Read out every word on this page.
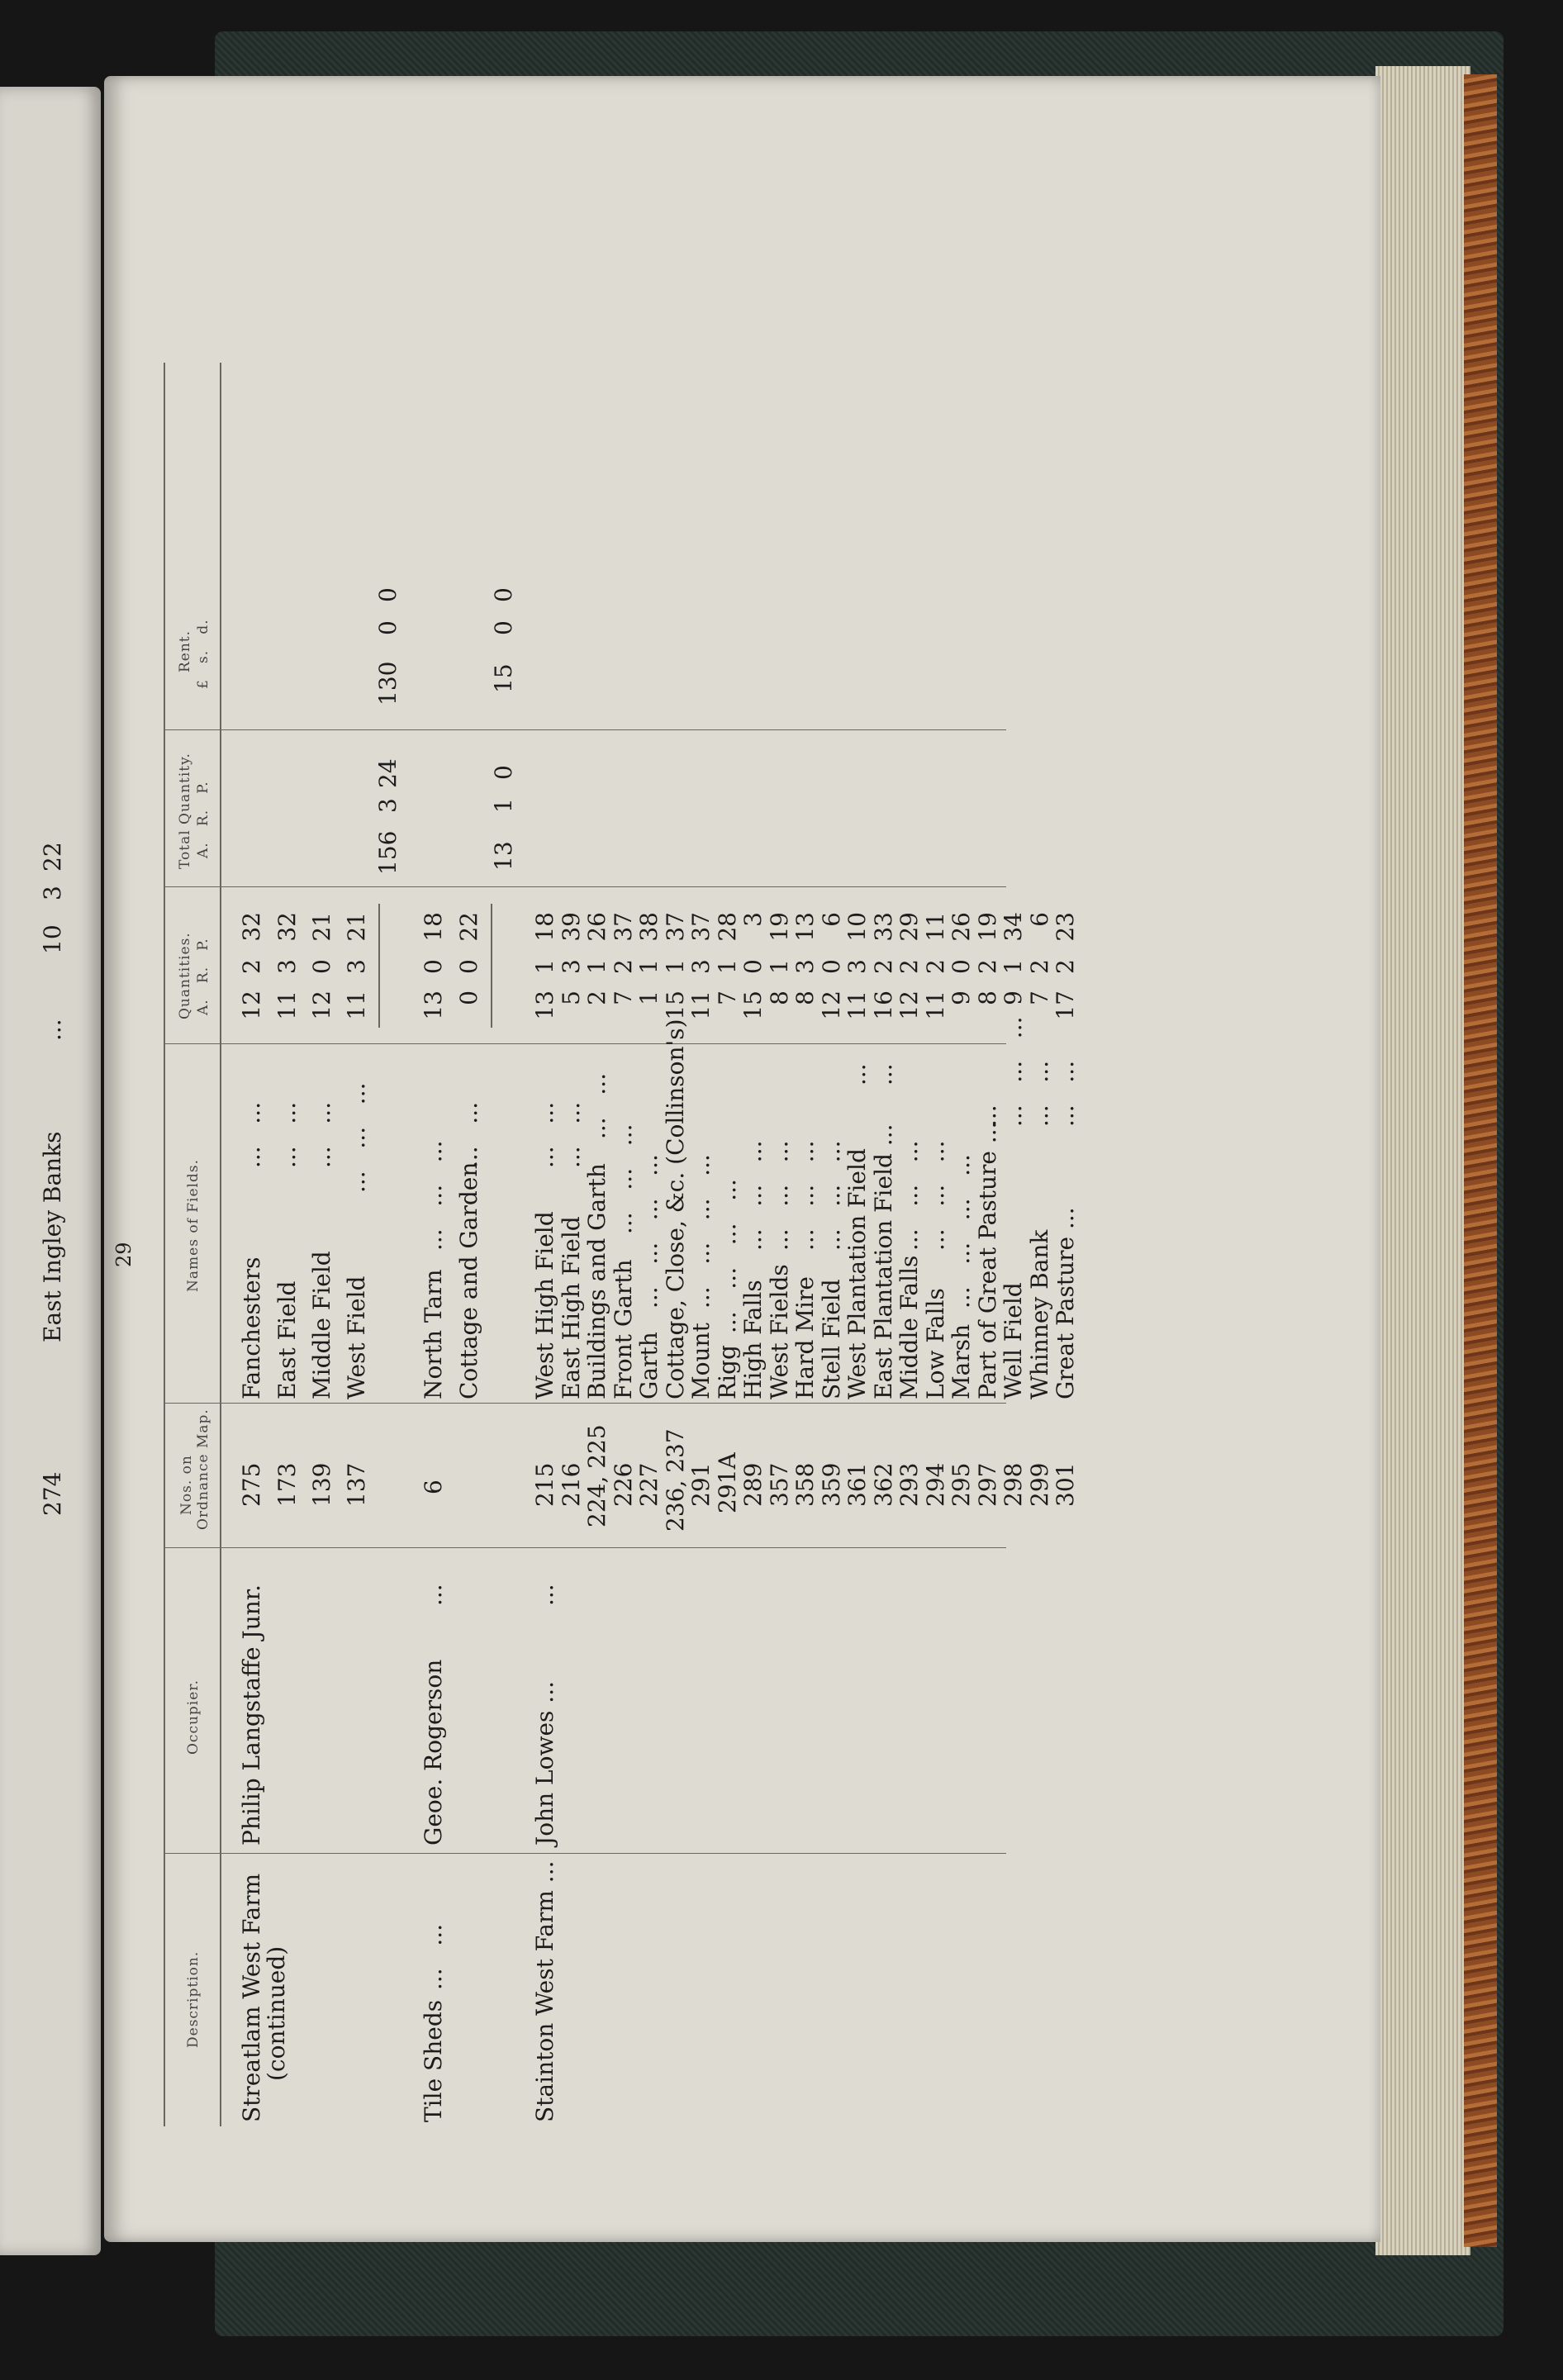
274
East Ingley Banks
...
10
3
22
29
Description.
Occupier.
Nos. on Ordnance Map.
Names of Fields.
Quantities. A.   R.   P.
Total Quantity. A.   R.   P.
Rent. £   s.   d.
Streatlam West Farm
(continued)
Philip Langstaffe Junr.
275
Fanchesters
...   ...
12
2
32
173
East Field
...   ...
11
3
32
139
Middle Field
...   ...
12
0
21
137
West Field
...   ...   ...
11
3
21
156
3
24
130
0
0
Tile Sheds
...   ...
Geoe. Rogerson
...
6
North Tarn
...   ...   ...
13
0
18
Cottage and Garden
...   ...
0
0
22
13
1
0
15
0
0
Stainton West Farm ...
John Lowes ...
...
215
West High Field
...   ...
13
1
18
216
East High Field
...   ...
5
3
39
224, 225
Buildings and Garth
...   ...
2
1
26
226
Front Garth
...   ...   ...
7
2
37
227
Garth
...   ...   ...   ...
1
1
38
236, 237
Cottage, Close, &c. (Collinson's)
15
1
37
291
Mount
...   ...   ...   ...
11
3
37
291A
Rigg
...   ...   ...   ...
7
1
28
289
High Falls
...   ...   ...
15
0
3
357
West Fields
...   ...   ...
8
1
19
358
Hard Mire
...   ...   ...
8
3
13
359
Stell Field
...   ...   ...
12
0
6
361
West Plantation Field
...
11
3
10
362
East Plantation Field ...
...
16
2
33
293
Middle Falls
...   ...   ...
12
2
29
294
Low Falls
...   ...   ...
11
2
11
295
Marsh
...   ...   ...   ...
9
0
26
297
Part of Great Pasture ...
...
8
2
19
298
Well Field
...   ...   ...
9
1
34
299
Whinney Bank
...   ...
7
2
6
301
Great Pasture ...
...   ...
17
2
23
